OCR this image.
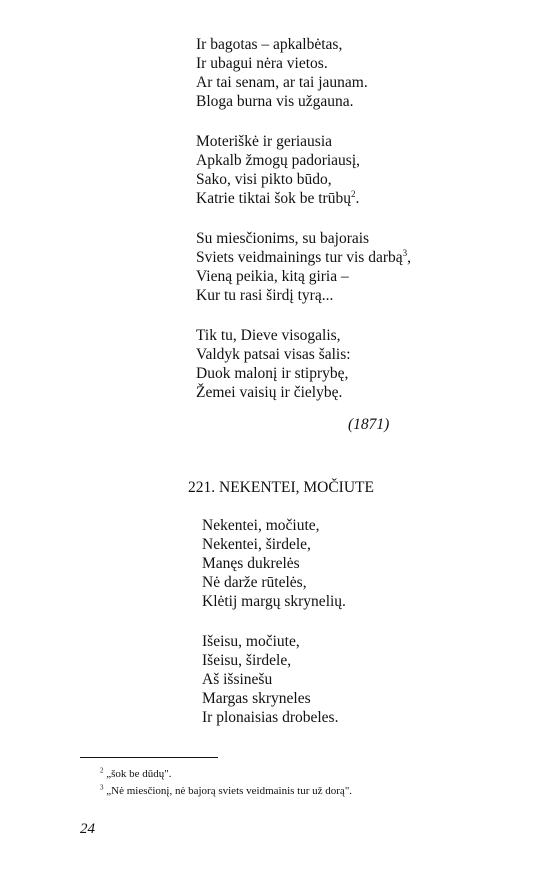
Ir bagotas – apkalbėtas,
Ir ubagui nėra vietos.
Ar tai senam, ar tai jaunam.
Bloga burna vis užgauna.
Moteriškė ir geriausia
Apkalb žmogų padoriausį,
Sako, visi pikto būdo,
Katrie tiktai šok be trūbų$^2$.
Su miesčionims, su bajorais
Sviets veidmainings tur vis darbą$^3$,
Vieną peikia, kitą giria –
Kur tu rasi širdį tyrą...
Tik tu, Dieve visogalis,
Valdyk patsai visas šalis:
Duok malonį ir stiprybę,
Žemei vaisių ir čielybę.
(1871)
221. NEKENTEI, MOČIUTE
Nekentei, močiute,
Nekentei, širdele,
Manęs dukrelės
Nė darže rūtelės,
Klėtij margų skrynelių.
Išeisu, močiute,
Išeisu, širdele,
Aš išsinešu
Margas skryneles
Ir plonaisias drobeles.
$^2$ „šok be dūdų".
$^3$ „Nė miesčionį, nė bajorą sviets veidmainis tur už dorą".
24
